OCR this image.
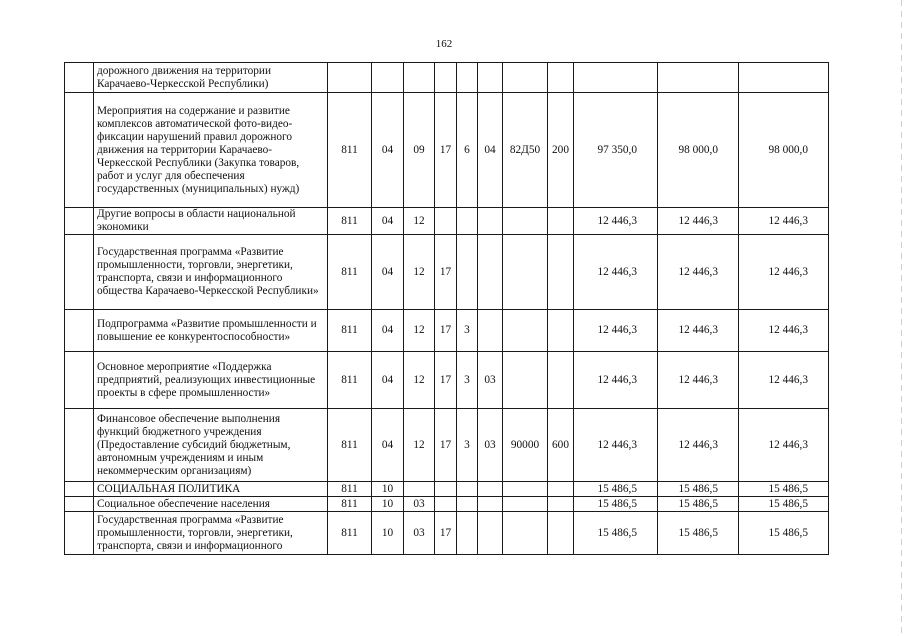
162
	дорожного движения на территории Карачаево-Черкесской Республики)											
	Мероприятия на содержание и развитие комплексов автоматической фото-видео-фиксации нарушений правил дорожного движения на территории Карачаево-Черкесской Республики (Закупка товаров, работ и услуг для обеспечения государственных (муниципальных) нужд)	811	04	09	17	6	04	82Д50	200	97 350,0	98 000,0	98 000,0
	Другие вопросы в области национальной экономики	811	04	12						12 446,3	12 446,3	12 446,3
	Государственная программа «Развитие промышленности, торговли, энергетики, транспорта, связи и информационного общества Карачаево-Черкесской Республики»	811	04	12	17					12 446,3	12 446,3	12 446,3
	Подпрограмма «Развитие промышленности и повышение ее конкурентоспособности»	811	04	12	17	3				12 446,3	12 446,3	12 446,3
	Основное мероприятие «Поддержка предприятий, реализующих инвестиционные проекты в сфере промышленности»	811	04	12	17	3	03			12 446,3	12 446,3	12 446,3
	Финансовое обеспечение выполнения функций бюджетного учреждения (Предоставление субсидий бюджетным, автономным учреждениям и иным некоммерческим организациям)	811	04	12	17	3	03	90000	600	12 446,3	12 446,3	12 446,3
	СОЦИАЛЬНАЯ ПОЛИТИКА	811	10							15 486,5	15 486,5	15 486,5
	Социальное обеспечение населения	811	10	03						15 486,5	15 486,5	15 486,5
	Государственная программа «Развитие промышленности, торговли, энергетики, транспорта, связи и информационного	811	10	03	17					15 486,5	15 486,5	15 486,5
